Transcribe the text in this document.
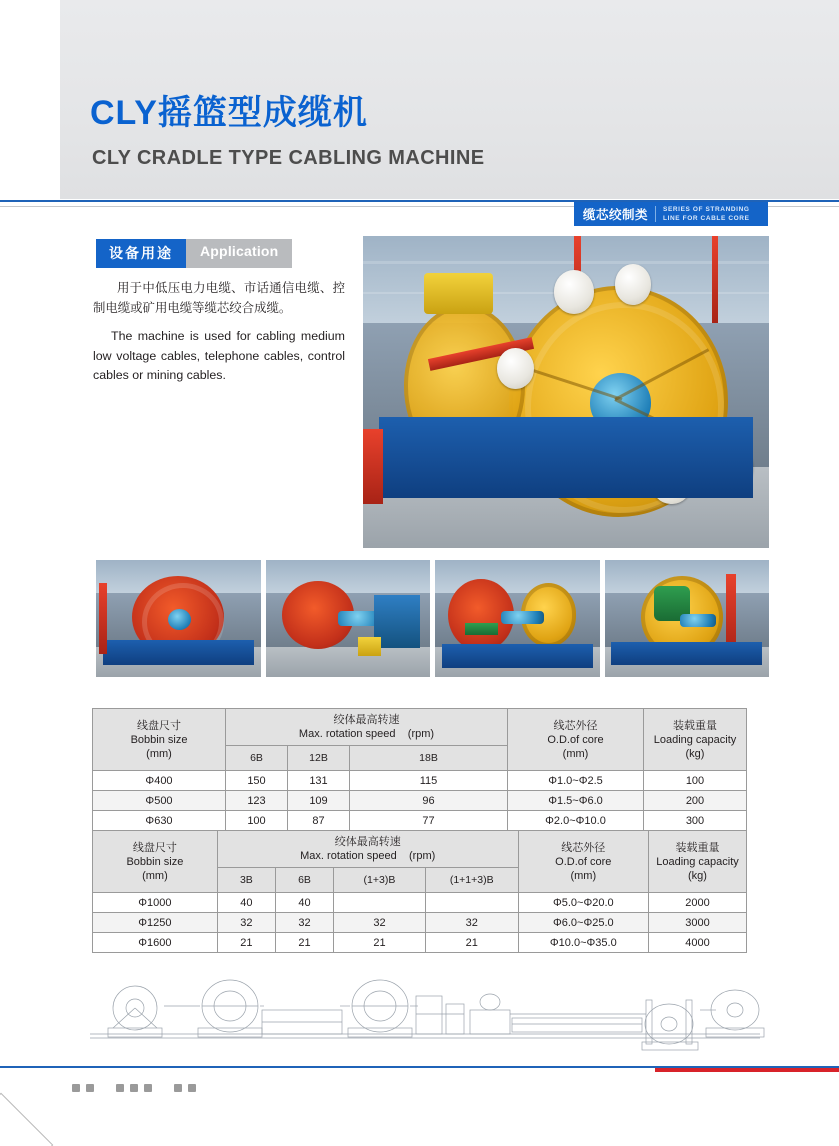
CLY摇篮型成缆机
CLY CRADLE TYPE CABLING MACHINE
缆芯绞制类 SERIES OF STRANDING
LINE FOR CABLE CORE
设备用途	Application

用于中低压电力电缆、市话通信电缆、控制电缆或矿用电缆等缆芯绞合成缆。

The machine is used for cabling medium low voltage cables, telephone cables, control cables or mining cables.

线盘尺寸
Bobbin size
(mm)

绞体最高转速
Max. rotation speed (rpm)

线芯外径
O.D.of core
(mm)

装载重量
Loading capacity
(kg)

	6B	12B	18B		
Φ400	150	131	115	Φ1.0~Φ2.5	100
Φ500	123	109	96	Φ1.5~Φ6.0	200
Φ630	100	87	77	Φ2.0~Φ10.0	300
线盘尺寸
Bobbin size
(mm)

绞体最高转速
Max. rotation speed (rpm)

线芯外径
O.D.of core
(mm)

装载重量
Loading capacity
(kg)

	3B	6B	(1+3)B	(1+1+3)B		
Φ1000	40	40			Φ5.0~Φ20.0	2000
Φ1250	32	32	32	32	Φ6.0~Φ25.0	3000
Φ1600	21	21	21	21	Φ10.0~Φ35.0	4000
